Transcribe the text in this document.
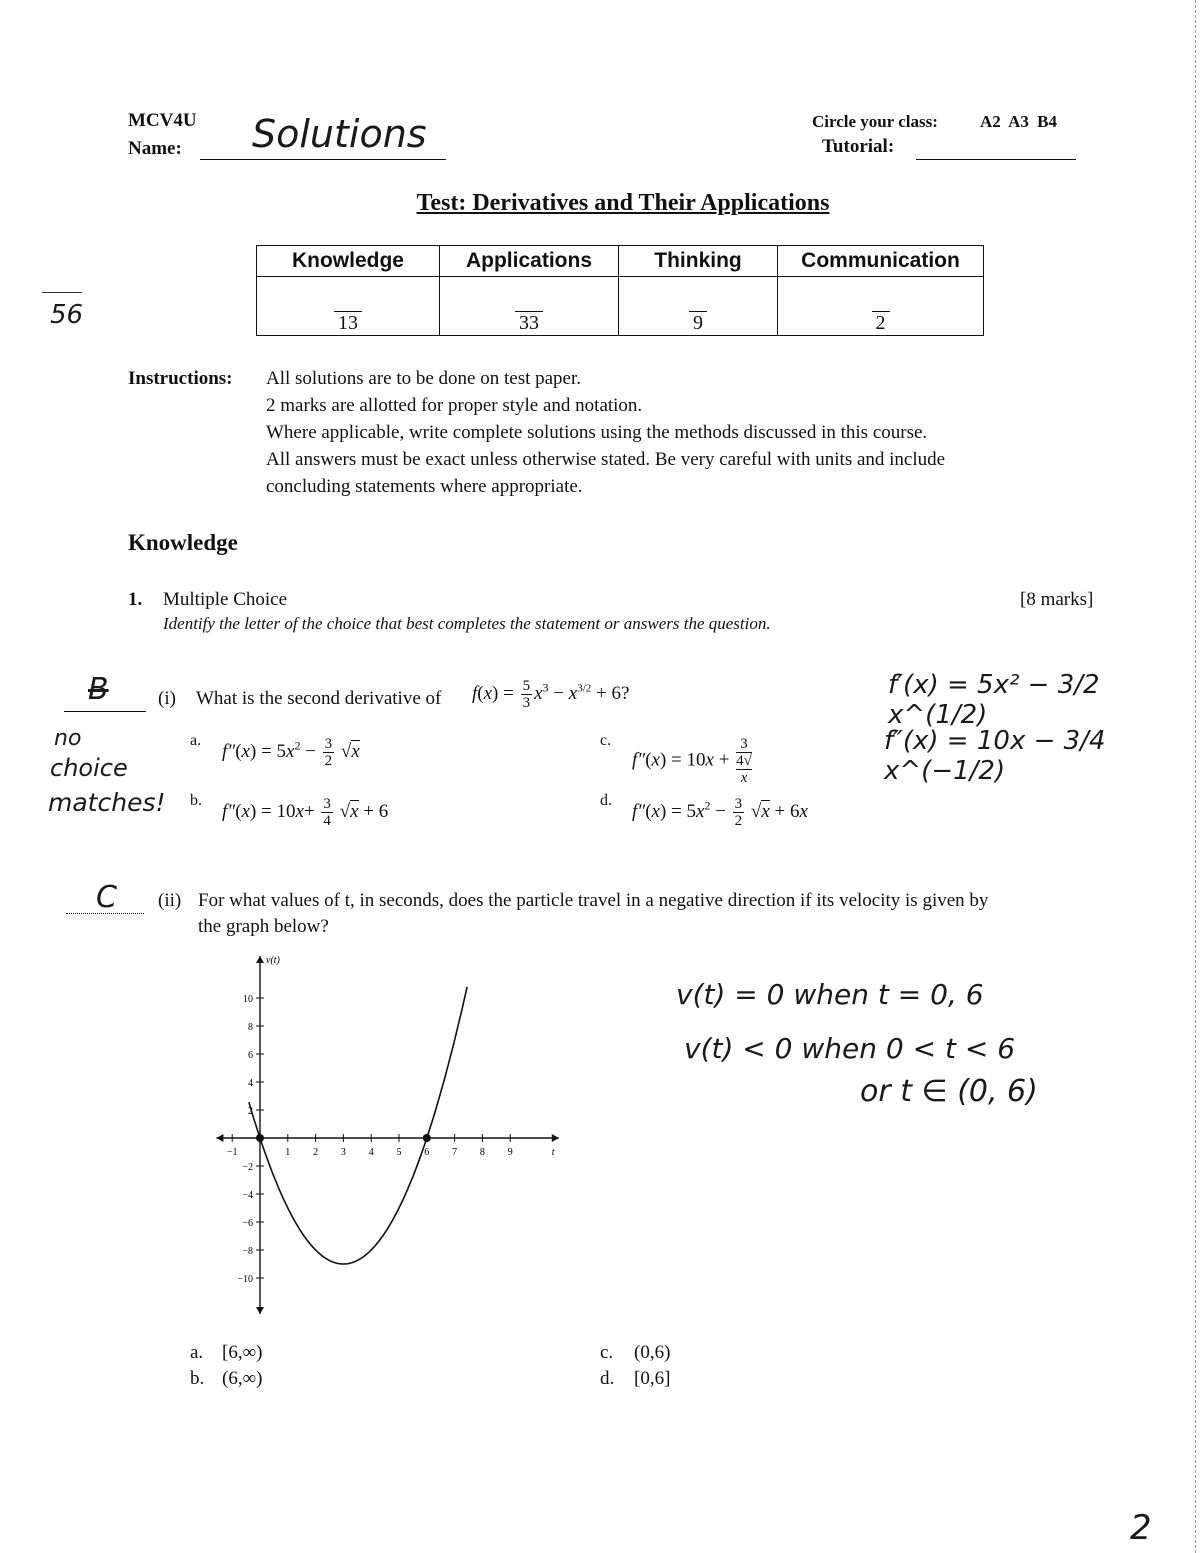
MCV4U
Name: Solutions	Circle your class: A2 A3 B4
Tutorial:
Test: Derivatives and Their Applications
Knowledge	Applications	Thinking	Communication
13	33	9	2
56
Instructions: All solutions are to be done on test paper.
2 marks are allotted for proper style and notation.
Where applicable, write complete solutions using the methods discussed in this course.
All answers must be exact unless otherwise stated. Be very careful with units and include
concluding statements where appropriate.
Knowledge
1. Multiple Choice	[8 marks]
Identify the letter of the choice that best completes the statement or answers the question.
B	(i) What is the second derivative of $f(x) = \frac{5}{3} x^3 - x^{3/2} + 6$?
no
choice
matches!
a.
$f''(x) = 5x^2 - \frac{3}{2} √x$
b.
$f''(x) = 10x+ \frac{3}{4} √x + 6$
c.
f″(x) = 10x + 3
4√
x
d.
$f''(x) = 5x^2 - \frac{3}{2} √x + 6x$
f′(x) = 5x² − 3/2 x^(1/2)
f″(x) = 10x − 3/4 x^(−1/2)
C (ii) For what values of t, in seconds, does the particle travel in a negative direction if its velocity is given by
the graph below?
−1	1 2 3 4 5 6 7 8 9
−10
−8
−6
−4
−2
2
4
6
8
10
t
v(t)
v(t) = 0 when t = 0, 6
v(t) < 0 when 0 < t < 6
or t ∈ (0, 6)
a. [6,∞)
b. (6,∞)
c. (0,6)
d. [0,6]
2
